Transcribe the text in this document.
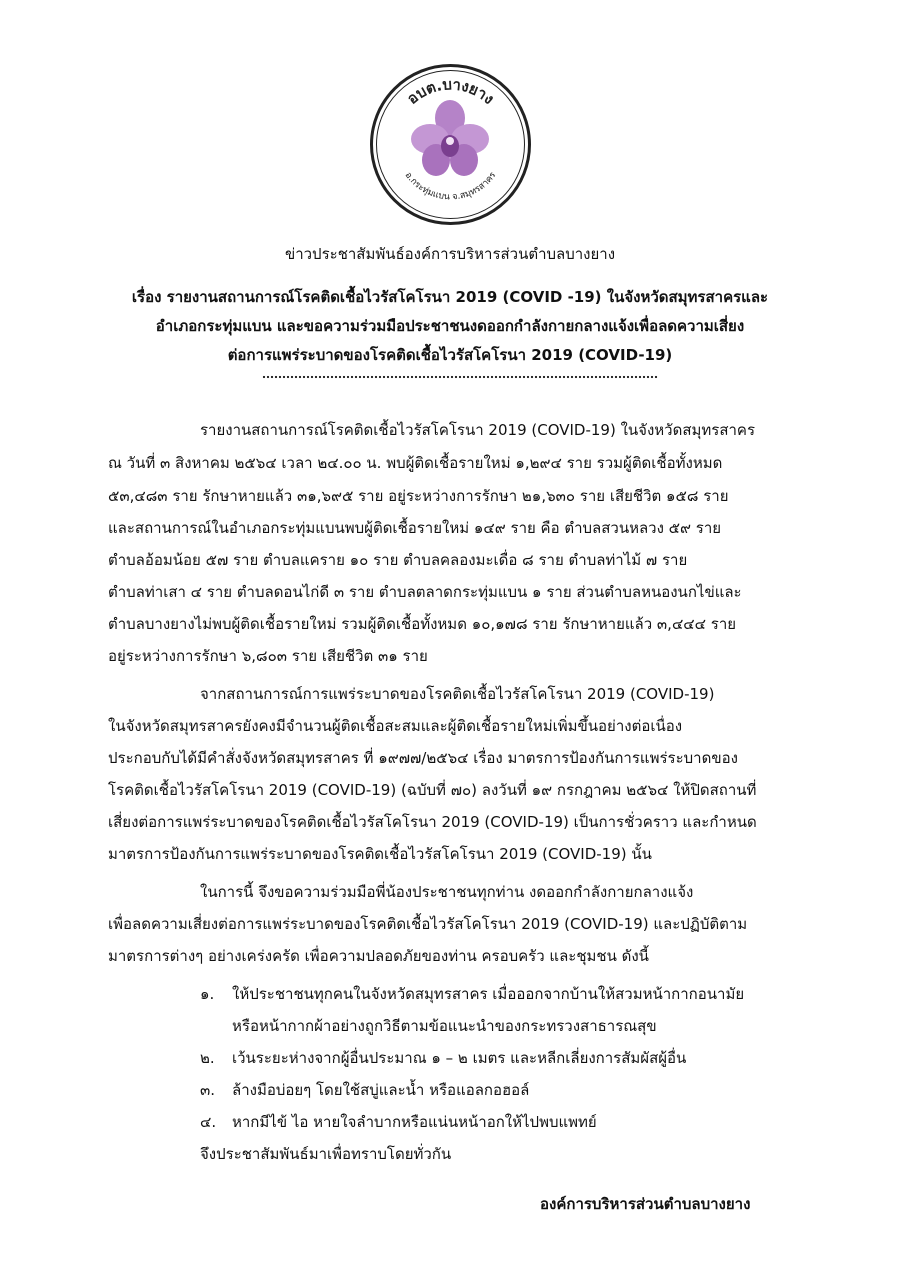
อบต.บางยาง
อ.กระทุ่มแบน จ.สมุทรสาคร
ข่าวประชาสัมพันธ์องค์การบริหารส่วนตำบลบางยาง
เรื่อง รายงานสถานการณ์โรคติดเชื้อไวรัสโคโรนา 2019 (COVID -19) ในจังหวัดสมุทรสาครและ
อำเภอกระทุ่มแบน และขอความร่วมมือประชาชนงดออกกำลังกายกลางแจ้งเพื่อลดความเสี่ยง
ต่อการแพร่ระบาดของโรคติดเชื้อไวรัสโคโรนา 2019 (COVID-19)
รายงานสถานการณ์โรคติดเชื้อไวรัสโคโรนา 2019 (COVID-19) ในจังหวัดสมุทรสาคร
ณ วันที่ ๓ สิงหาคม ๒๕๖๔ เวลา ๒๔.๐๐ น. พบผู้ติดเชื้อรายใหม่ ๑,๒๙๔ ราย รวมผู้ติดเชื้อทั้งหมด
๕๓,๔๘๓ ราย รักษาหายแล้ว ๓๑,๖๙๕ ราย อยู่ระหว่างการรักษา ๒๑,๖๓๐ ราย เสียชีวิต ๑๕๘ ราย
และสถานการณ์ในอำเภอกระทุ่มแบนพบผู้ติดเชื้อรายใหม่ ๑๔๙ ราย คือ ตำบลสวนหลวง ๕๙ ราย
ตำบลอ้อมน้อย ๕๗ ราย ตำบลแคราย ๑๐ ราย ตำบลคลองมะเดื่อ ๘ ราย ตำบลท่าไม้ ๗ ราย
ตำบลท่าเสา ๔ ราย ตำบลดอนไก่ดี ๓ ราย ตำบลตลาดกระทุ่มแบน ๑ ราย ส่วนตำบลหนองนกไข่และ
ตำบลบางยางไม่พบผู้ติดเชื้อรายใหม่ รวมผู้ติดเชื้อทั้งหมด ๑๐,๑๗๘ ราย รักษาหายแล้ว ๓,๔๔๔ ราย
อยู่ระหว่างการรักษา ๖,๘๐๓ ราย เสียชีวิต ๓๑ ราย
จากสถานการณ์การแพร่ระบาดของโรคติดเชื้อไวรัสโคโรนา 2019 (COVID-19)
ในจังหวัดสมุทรสาครยังคงมีจำนวนผู้ติดเชื้อสะสมและผู้ติดเชื้อรายใหม่เพิ่มขึ้นอย่างต่อเนื่อง
ประกอบกับได้มีคำสั่งจังหวัดสมุทรสาคร ที่ ๑๙๗๗/๒๕๖๔ เรื่อง มาตรการป้องกันการแพร่ระบาดของ
โรคติดเชื้อไวรัสโคโรนา 2019 (COVID-19) (ฉบับที่ ๗๐) ลงวันที่ ๑๙ กรกฎาคม ๒๕๖๔ ให้ปิดสถานที่
เสี่ยงต่อการแพร่ระบาดของโรคติดเชื้อไวรัสโคโรนา 2019 (COVID-19) เป็นการชั่วคราว และกำหนด
มาตรการป้องกันการแพร่ระบาดของโรคติดเชื้อไวรัสโคโรนา 2019 (COVID-19) นั้น
ในการนี้ จึงขอความร่วมมือพี่น้องประชาชนทุกท่าน งดออกกำลังกายกลางแจ้ง
เพื่อลดความเสี่ยงต่อการแพร่ระบาดของโรคติดเชื้อไวรัสโคโรนา 2019 (COVID-19) และปฏิบัติตาม
มาตรการต่างๆ อย่างเคร่งครัด เพื่อความปลอดภัยของท่าน ครอบครัว และชุมชน ดังนี้
๑. ให้ประชาชนทุกคนในจังหวัดสมุทรสาคร เมื่อออกจากบ้านให้สวมหน้ากากอนามัย
หรือหน้ากากผ้าอย่างถูกวิธีตามข้อแนะนำของกระทรวงสาธารณสุข
๒. เว้นระยะห่างจากผู้อื่นประมาณ ๑ – ๒ เมตร และหลีกเลี่ยงการสัมผัสผู้อื่น
๓. ล้างมือบ่อยๆ โดยใช้สบู่และน้ำ หรือแอลกอฮอล์
๔. หากมีไข้ ไอ หายใจลำบากหรือแน่นหน้าอกให้ไปพบแพทย์
จึงประชาสัมพันธ์มาเพื่อทราบโดยทั่วกัน
องค์การบริหารส่วนตำบลบางยาง
